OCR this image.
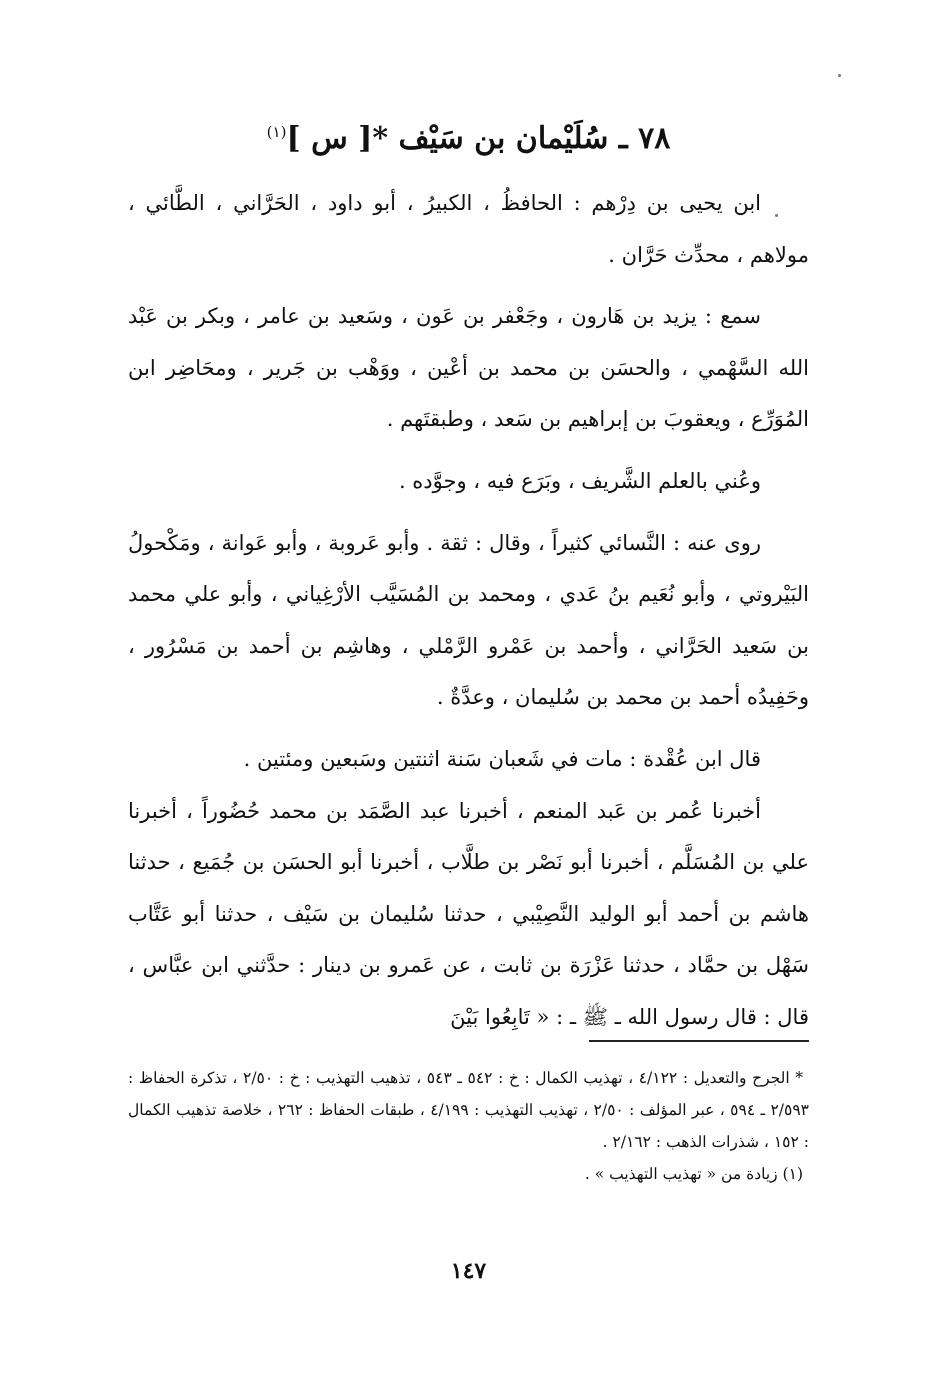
٧٨ ـ سُلَيْمان بن سَيْف *[ س ]$^{(١)}$

ابن يحيى بن دِرْهم : الحافظُ ، الكبيرُ ، أبو داود ، الحَرَّاني ، الطَّائي ، مولاهم ، محدِّث حَرَّان .

سمع : يزيد بن هَارون ، وجَعْفر بن عَون ، وسَعيد بن عامر ، وبكر بن عَبْد الله السَّهْمي ، والحسَن بن محمد بن أعْين ، ووَهْب بن جَرير ، ومحَاضِر ابن المُوَرِّع ، ويعقوبَ بن إبراهيم بن سَعد ، وطبقتَهم .

وعُني بالعلم الشَّريف ، وبَرَع فيه ، وجوَّده .

روى عنه : النَّسائي كثيراً ، وقال : ثقة . وأبو عَروبة ، وأبو عَوانة ، ومَكْحولُ البَيْروتي ، وأبو نُعَيم بنُ عَدي ، ومحمد بن المُسَيَّب الأرْغِياني ، وأبو علي محمد بن سَعيد الحَرَّاني ، وأحمد بن عَمْرو الرَّمْلي ، وهاشِم بن أحمد بن مَسْرُور ، وحَفِيدُه أحمد بن محمد بن سُليمان ، وعدَّةٌ .

قال ابن عُقْدة : مات في شَعبان سَنة اثنتين وسَبعين ومئتين .

أخبرنا عُمر بن عَبد المنعم ، أخبرنا عبد الصَّمَد بن محمد حُضُوراً ، أخبرنا علي بن المُسَلَّم ، أخبرنا أبو نَصْر بن طلَّاب ، أخبرنا أبو الحسَن بن جُمَيع ، حدثنا هاشم بن أحمد أبو الوليد النَّصِيْبي ، حدثنا سُليمان بن سَيْف ، حدثنا أبو عَتَّاب سَهْل بن حمَّاد ، حدثنا عَزْرَة بن ثابت ، عن عَمرو بن دينار : حدَّثني ابن عبَّاس ، قال : قال رسول الله ـ ﷺ ـ : « تَابِعُوا بَيْنَ

* الجرح والتعديل : ٤/١٢٢ ، تهذيب الكمال : خ : ٥٤٢ ـ ٥٤٣ ، تذهيب التهذيب : خ : ٢/٥٠ ، تذكرة الحفاظ : ٢/٥٩٣ ـ ٥٩٤ ، عبر المؤلف : ٢/٥٠ ، تهذيب التهذيب : ٤/١٩٩ ، طبقات الحفاظ : ٢٦٢ ، خلاصة تذهيب الكمال : ١٥٢ ، شذرات الذهب : ٢/١٦٢ .

(١) زيادة من « تهذيب التهذيب » .

١٤٧
